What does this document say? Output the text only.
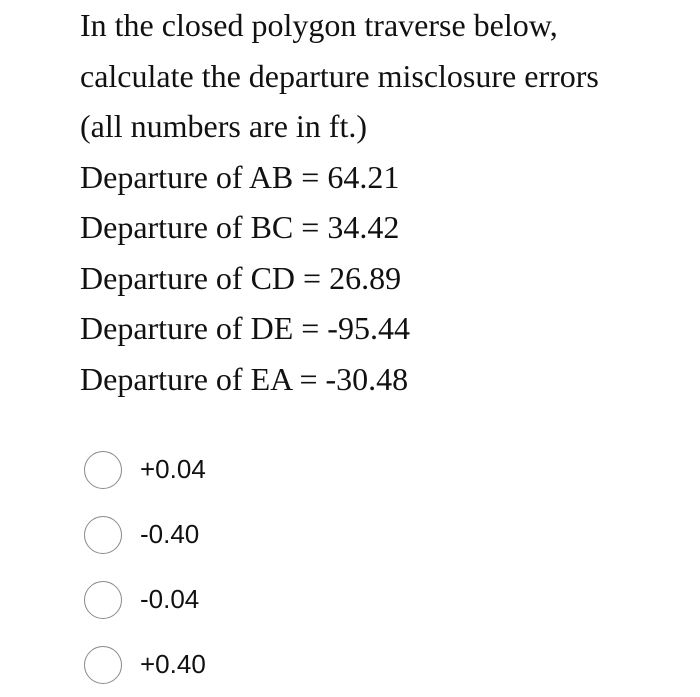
In the closed polygon traverse below,
calculate the departure misclosure errors
(all numbers are in ft.)
Departure of AB = 64.21
Departure of BC = 34.42
Departure of CD = 26.89
Departure of DE = -95.44
Departure of EA = -30.48
+0.04
-0.40
-0.04
+0.40
